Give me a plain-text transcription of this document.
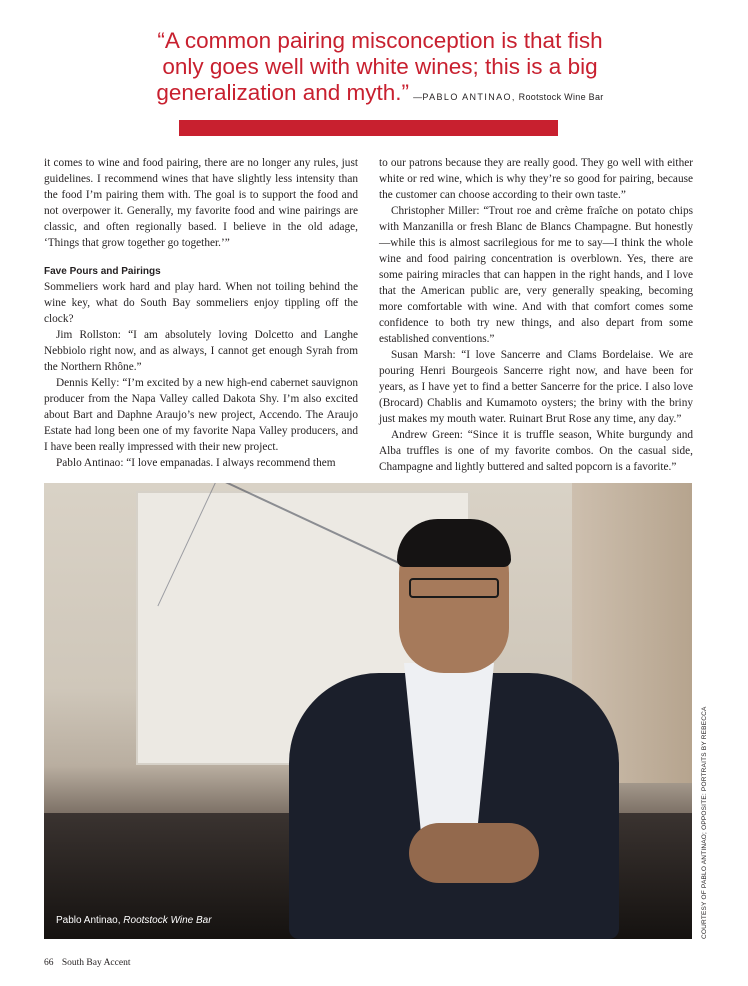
“A common pairing misconception is that fish
only goes well with white wines; this is a big
generalization and myth.” —PABLO ANTINAO, Rootstock Wine Bar

it comes to wine and food pairing, there are no longer any rules, just guidelines. I recommend wines that have slightly less intensity than the food I’m pairing them with. The goal is to support the food and not overpower it. Generally, my favorite food and wine pairings are classic, and often regionally based. I believe in the old adage, ‘Things that grow together go together.’”

Fave Pours and Pairings

Sommeliers work hard and play hard. When not toiling behind the wine key, what do South Bay sommeliers enjoy tippling off the clock?

Jim Rollston: “I am absolutely loving Dolcetto and Langhe Nebbiolo right now, and as always, I cannot get enough Syrah from the Northern Rhône.”

Dennis Kelly: “I’m excited by a new high-end cabernet sauvignon producer from the Napa Valley called Dakota Shy. I’m also excited about Bart and Daphne Araujo’s new project, Accendo. The Araujo Estate had long been one of my favorite Napa Valley producers, and I have been really impressed with their new project.

Pablo Antinao: “I love empanadas. I always recommend them

to our patrons because they are really good. They go well with either white or red wine, which is why they’re so good for pairing, because the customer can choose according to their own taste.”

Christopher Miller: “Trout roe and crème fraîche on potato chips with Manzanilla or fresh Blanc de Blancs Champagne. But honestly—while this is almost sacrilegious for me to say—I think the whole wine and food pairing concentration is overblown. Yes, there are some pairing miracles that can happen in the right hands, and I love that the American public are, very generally speaking, becoming more comfortable with wine. And with that comfort comes some confidence to both try new things, and also depart from some established conventions.”

Susan Marsh: “I love Sancerre and Clams Bordelaise. We are pouring Henri Bourgeois Sancerre right now, and have been for years, as I have yet to find a better Sancerre for the price. I also love (Brocard) Chablis and Kumamoto oysters; the briny with the briny just makes my mouth water. Ruinart Brut Rose any time, any day.”

Andrew Green: “Since it is truffle season, White burgundy and Alba truffles is one of my favorite combos. On the casual side, Champagne and lightly buttered and salted popcorn is a favorite.”

Pablo Antinao, Rootstock Wine Bar	COURTESY OF PABLO ANTINAO; OPPOSITE: PORTRAITS BY REBECCA
66 South Bay Accent
